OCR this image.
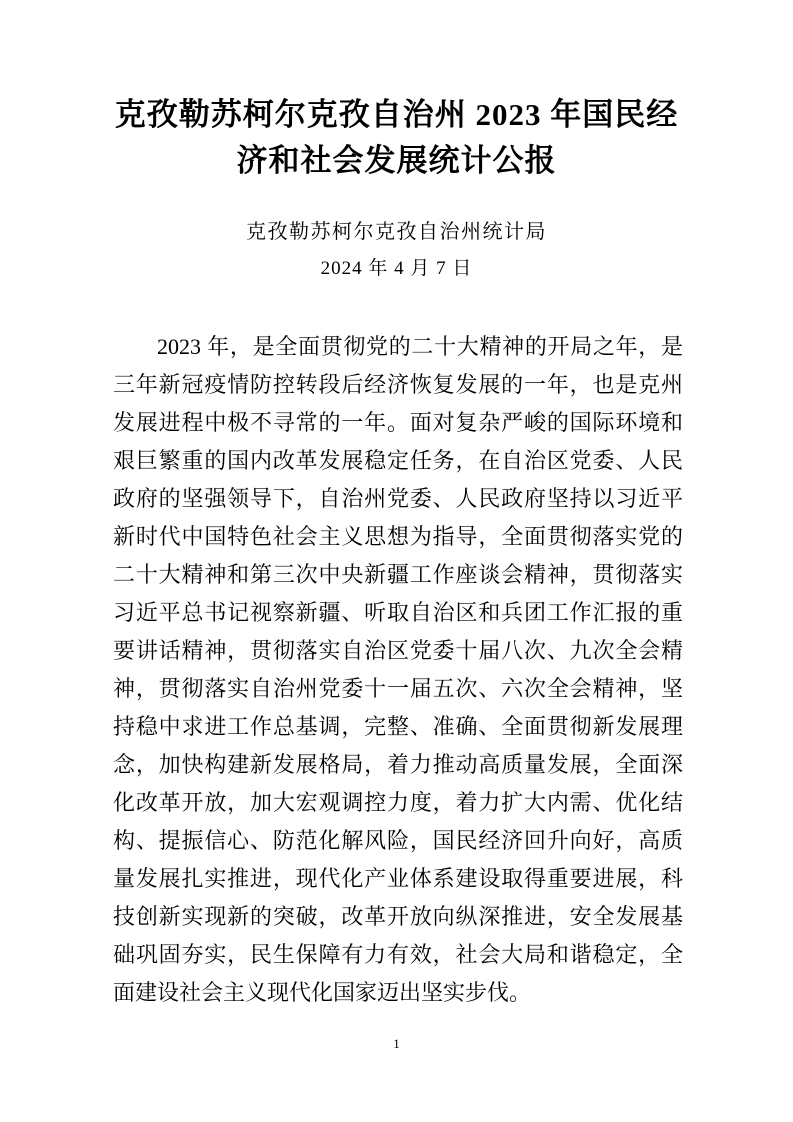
克孜勒苏柯尔克孜自治州 2023 年国民经济和社会发展统计公报
克孜勒苏柯尔克孜自治州统计局
2024 年 4 月 7 日

2023 年，是全面贯彻党的二十大精神的开局之年，是三年新冠疫情防控转段后经济恢复发展的一年，也是克州发展进程中极不寻常的一年。面对复杂严峻的国际环境和艰巨繁重的国内改革发展稳定任务，在自治区党委、人民政府的坚强领导下，自治州党委、人民政府坚持以习近平新时代中国特色社会主义思想为指导，全面贯彻落实党的二十大精神和第三次中央新疆工作座谈会精神，贯彻落实习近平总书记视察新疆、听取自治区和兵团工作汇报的重要讲话精神，贯彻落实自治区党委十届八次、九次全会精神，贯彻落实自治州党委十一届五次、六次全会精神，坚持稳中求进工作总基调，完整、准确、全面贯彻新发展理念，加快构建新发展格局，着力推动高质量发展，全面深化改革开放，加大宏观调控力度，着力扩大内需、优化结构、提振信心、防范化解风险，国民经济回升向好，高质量发展扎实推进，现代化产业体系建设取得重要进展，科技创新实现新的突破，改革开放向纵深推进，安全发展基础巩固夯实，民生保障有力有效，社会大局和谐稳定，全面建设社会主义现代化国家迈出坚实步伐。

1
